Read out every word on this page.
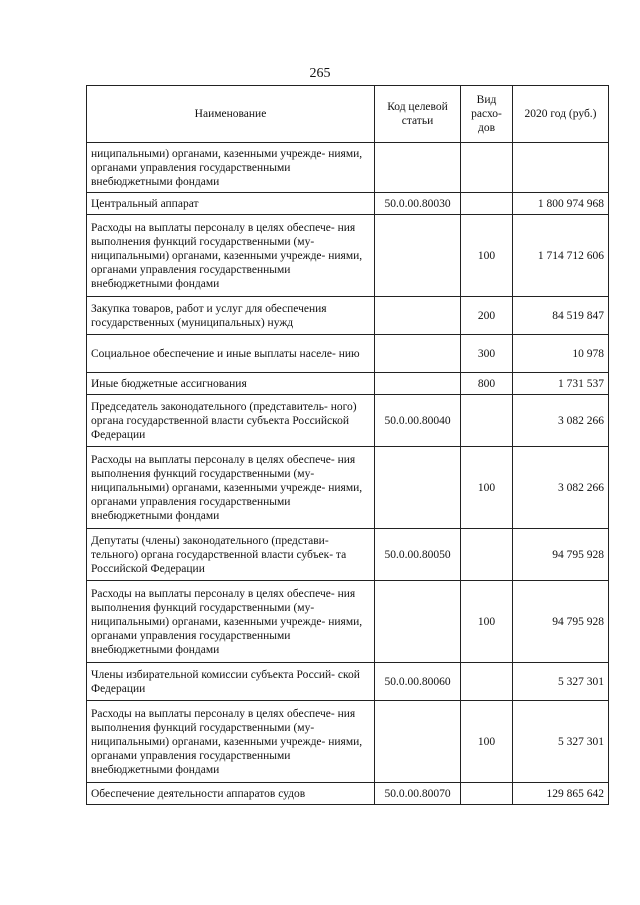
265
Наименование	Код целевой статьи	Вид расхо- дов	2020 год (руб.)
ниципальными) органами, казенными учрежде- ниями, органами управления государственными внебюджетными фондами			
Центральный аппарат	50.0.00.80030		1 800 974 968
Расходы на выплаты персоналу в целях обеспече- ния выполнения функций государственными (му- ниципальными) органами, казенными учрежде- ниями, органами управления государственными внебюджетными фондами		100	1 714 712 606
Закупка товаров, работ и услуг для обеспечения государственных (муниципальных) нужд		200	84 519 847
Социальное обеспечение и иные выплаты населе- нию		300	10 978
Иные бюджетные ассигнования		800	1 731 537
Председатель законодательного (представитель- ного) органа государственной власти субъекта Российской Федерации	50.0.00.80040		3 082 266
Расходы на выплаты персоналу в целях обеспече- ния выполнения функций государственными (му- ниципальными) органами, казенными учрежде- ниями, органами управления государственными внебюджетными фондами		100	3 082 266
Депутаты (члены) законодательного (представи- тельного) органа государственной власти субъек- та Российской Федерации	50.0.00.80050		94 795 928
Расходы на выплаты персоналу в целях обеспече- ния выполнения функций государственными (му- ниципальными) органами, казенными учрежде- ниями, органами управления государственными внебюджетными фондами		100	94 795 928
Члены избирательной комиссии субъекта Россий- ской Федерации	50.0.00.80060		5 327 301
Расходы на выплаты персоналу в целях обеспече- ния выполнения функций государственными (му- ниципальными) органами, казенными учрежде- ниями, органами управления государственными внебюджетными фондами		100	5 327 301
Обеспечение деятельности аппаратов судов	50.0.00.80070		129 865 642
